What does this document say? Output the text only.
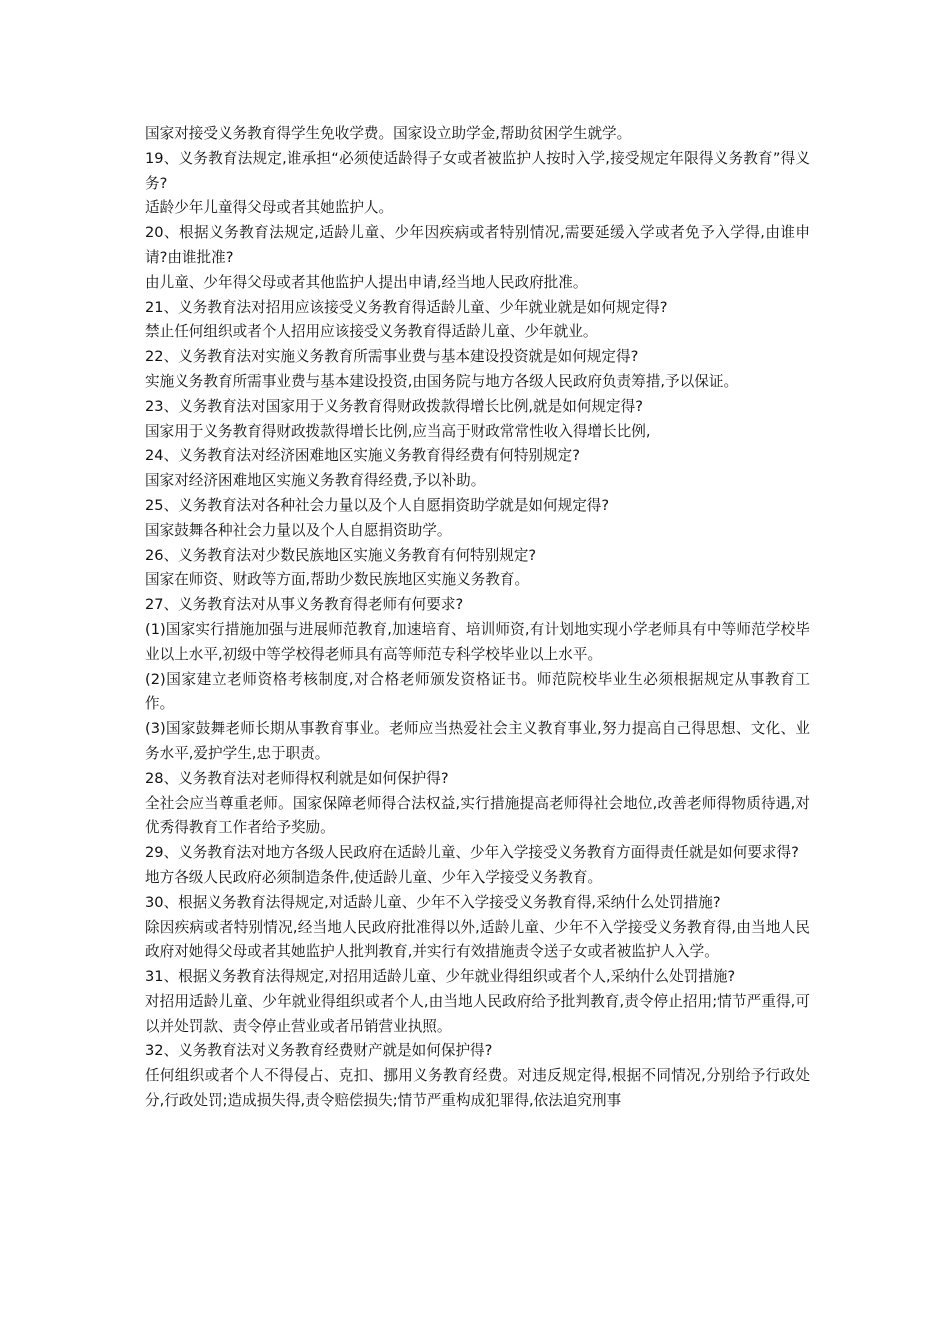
国家对接受义务教育得学生免收学费。国家设立助学金,帮助贫困学生就学。

19、义务教育法规定,谁承担“必须使适龄得子女或者被监护人按时入学,接受规定年限得义务教育”得义务?

适龄少年儿童得父母或者其她监护人。

20、根据义务教育法规定,适龄儿童、少年因疾病或者特别情况,需要延缓入学或者免予入学得,由谁申请?由谁批准?

由儿童、少年得父母或者其他监护人提出申请,经当地人民政府批准。

21、义务教育法对招用应该接受义务教育得适龄儿童、少年就业就是如何规定得?

禁止任何组织或者个人招用应该接受义务教育得适龄儿童、少年就业。

22、义务教育法对实施义务教育所需事业费与基本建设投资就是如何规定得?

实施义务教育所需事业费与基本建设投资,由国务院与地方各级人民政府负责筹措,予以保证。

23、义务教育法对国家用于义务教育得财政拨款得增长比例,就是如何规定得?

国家用于义务教育得财政拨款得增长比例,应当高于财政常常性收入得增长比例,

24、义务教育法对经济困难地区实施义务教育得经费有何特别规定?

国家对经济困难地区实施义务教育得经费,予以补助。

25、义务教育法对各种社会力量以及个人自愿捐资助学就是如何规定得?

国家鼓舞各种社会力量以及个人自愿捐资助学。

26、义务教育法对少数民族地区实施义务教育有何特别规定?

国家在师资、财政等方面,帮助少数民族地区实施义务教育。

27、义务教育法对从事义务教育得老师有何要求?

(1)国家实行措施加强与进展师范教育,加速培育、培训师资,有计划地实现小学老师具有中等师范学校毕业以上水平,初级中等学校得老师具有高等师范专科学校毕业以上水平。

(2)国家建立老师资格考核制度,对合格老师颁发资格证书。师范院校毕业生必须根据规定从事教育工作。

(3)国家鼓舞老师长期从事教育事业。老师应当热爱社会主义教育事业,努力提高自己得思想、文化、业务水平,爱护学生,忠于职责。

28、义务教育法对老师得权利就是如何保护得?

全社会应当尊重老师。国家保障老师得合法权益,实行措施提高老师得社会地位,改善老师得物质待遇,对优秀得教育工作者给予奖励。

29、义务教育法对地方各级人民政府在适龄儿童、少年入学接受义务教育方面得责任就是如何要求得?

地方各级人民政府必须制造条件,使适龄儿童、少年入学接受义务教育。

30、根据义务教育法得规定,对适龄儿童、少年不入学接受义务教育得,采纳什么处罚措施?

除因疾病或者特别情况,经当地人民政府批准得以外,适龄儿童、少年不入学接受义务教育得,由当地人民政府对她得父母或者其她监护人批判教育,并实行有效措施责令送子女或者被监护人入学。

31、根据义务教育法得规定,对招用适龄儿童、少年就业得组织或者个人,采纳什么处罚措施?

对招用适龄儿童、少年就业得组织或者个人,由当地人民政府给予批判教育,责令停止招用;情节严重得,可以并处罚款、责令停止营业或者吊销营业执照。

32、义务教育法对义务教育经费财产就是如何保护得?

任何组织或者个人不得侵占、克扣、挪用义务教育经费。对违反规定得,根据不同情况,分别给予行政处分,行政处罚;造成损失得,责令赔偿损失;情节严重构成犯罪得,依法追究刑事
